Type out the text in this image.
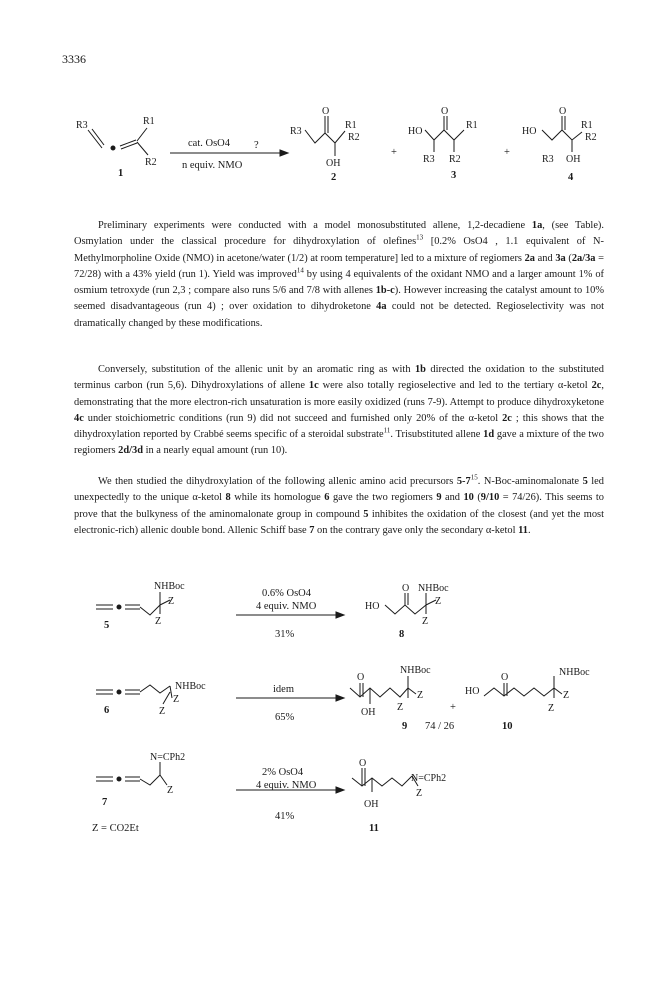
3336
R3	R1
R2
1
cat. OsO4 ?
n equiv. NMO
R3
O
R1
R2
OH
2
+
HO
O
R1
R3 R2
3
+
HO
O
R1
R2
R3 OH
4
NHBoc
Z
Z
5
0.6% OsO4
4 equiv. NMO
31%
HO
O NHBoc
Z
Z
8
NHBoc
Z
Z
6
idem
65%
O
NHBoc
Z
Z
OH	+
9 74 / 26
HO
O	NHBoc
Z
Z
10
N=CPh2
Z
7
2% OsO4
4 equiv. NMO
41%
O
N=CPh2
Z
OH
11
Z = CO2Et

Preliminary experiments were conducted with a model monosubstituted allene, 1,2-decadiene 1a, (see Table). Osmylation under the classical procedure for dihydroxylation of olefines$^{13}$ [0.2% OsO4 , 1.1 equivalent of N-Methylmorpholine Oxide (NMO) in acetone/water (1/2) at room temperature] led to a mixture of regiomers 2a and 3a (2a/3a = 72/28) with a 43% yield (run 1). Yield was improved$^{14}$ by using 4 equivalents of the oxidant NMO and a larger amount 1% of osmium tetroxyde (run 2,3 ; compare also runs 5/6 and 7/8 with allenes 1b-c). However increasing the catalyst amount to 10% seemed disadvantageous (run 4) ; over oxidation to dihydroketone 4a could not be detected. Regioselectivity was not dramatically changed by these modifications.

Conversely, substitution of the allenic unit by an aromatic ring as with 1b directed the oxidation to the substituted terminus carbon (run 5,6). Dihydroxylations of allene 1c were also totally regioselective and led to the tertiary α-ketol 2c, demonstrating that the more electron-rich unsaturation is more easily oxidized (runs 7-9). Attempt to produce dihydroxyketone 4c under stoichiometric conditions (run 9) did not succeed and furnished only 20% of the α-ketol 2c ; this shows that the dihydroxylation reported by Crabbé seems specific of a steroidal substrate$^{11}$. Trisubstituted allene 1d gave a mixture of the two regiomers 2d/3d in a nearly equal amount (run 10).

We then studied the dihydroxylation of the following allenic amino acid precursors $5-7^{15}$. N-Boc-aminomalonate 5 led unexpectedly to the unique α-ketol 8 while its homologue 6 gave the two regiomers 9 and 10 (9/10 = 74/26). This seems to prove that the bulkyness of the aminomalonate group in compound 5 inhibites the oxidation of the closest (and yet the most electronic-rich) allenic double bond. Allenic Schiff base 7 on the contrary gave only the secondary α-ketol 11.
